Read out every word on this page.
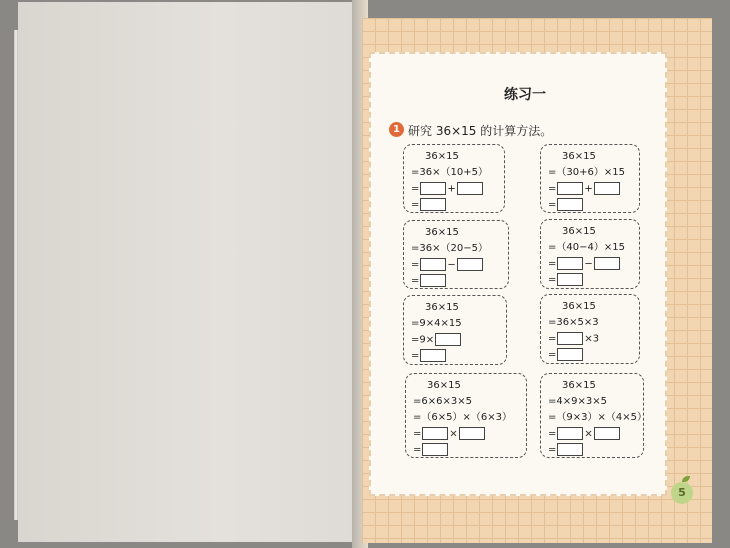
练习一
1 研究 36×15 的计算方法。
36×15
=36×（10+5）
=	+
=
36×15
=（30+6）×15
=	+
=
36×15
=36×（20−5）
=	−
=
36×15
=（40−4）×15
=	−
=
36×15
=9×4×15
=9×
=
36×15
=36×5×3
=	×3
=
36×15
=6×6×3×5
=（6×5）×（6×3）
=	×
=
36×15
=4×9×3×5
=（9×3）×（4×5）
=	×
=
5
